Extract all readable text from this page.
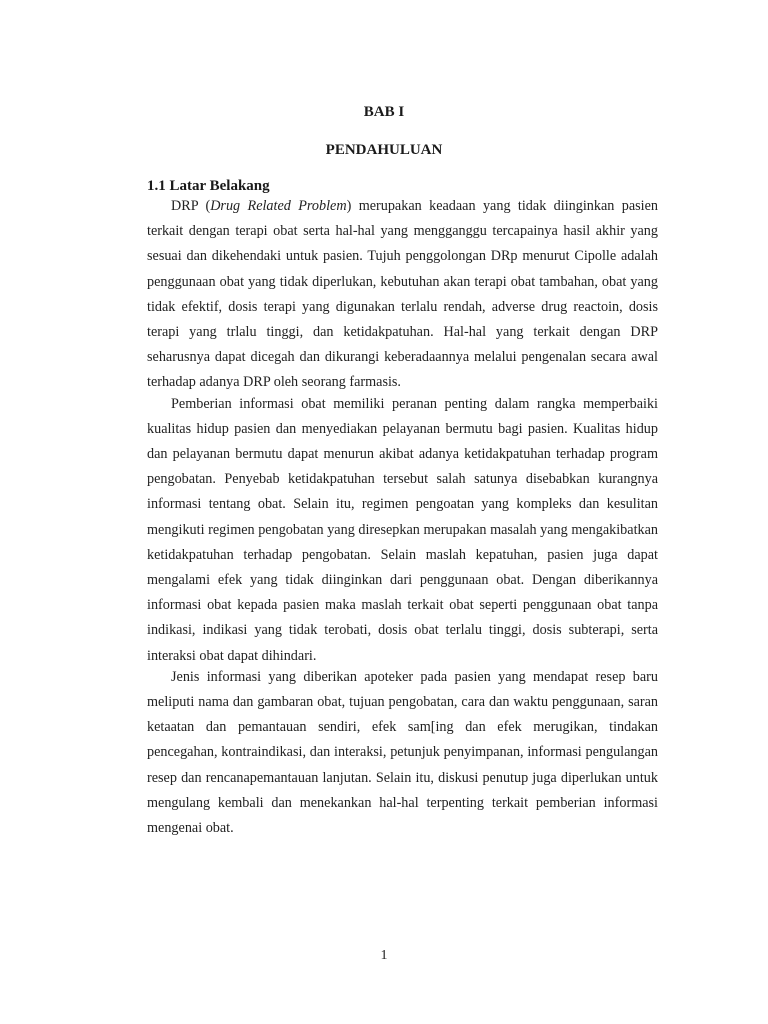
BAB I
PENDAHULUAN
1.1 Latar Belakang

DRP (Drug Related Problem) merupakan keadaan yang tidak diinginkan pasien terkait dengan terapi obat serta hal-hal yang mengganggu tercapainya hasil akhir yang sesuai dan dikehendaki untuk pasien. Tujuh penggolongan DRp menurut Cipolle adalah penggunaan obat yang tidak diperlukan, kebutuhan akan terapi obat tambahan, obat yang tidak efektif, dosis terapi yang digunakan terlalu rendah, adverse drug reactoin, dosis terapi yang trlalu tinggi, dan ketidakpatuhan. Hal-hal yang terkait dengan DRP seharusnya dapat dicegah dan dikurangi keberadaannya melalui pengenalan secara awal terhadap adanya DRP oleh seorang farmasis.

Pemberian informasi obat memiliki peranan penting dalam rangka memperbaiki kualitas hidup pasien dan menyediakan pelayanan bermutu bagi pasien. Kualitas hidup dan pelayanan bermutu dapat menurun akibat adanya ketidakpatuhan terhadap program pengobatan. Penyebab ketidakpatuhan tersebut salah satunya disebabkan kurangnya informasi tentang obat. Selain itu, regimen pengoatan yang kompleks dan kesulitan mengikuti regimen pengobatan yang diresepkan merupakan masalah yang mengakibatkan ketidakpatuhan terhadap pengobatan. Selain maslah kepatuhan, pasien juga dapat mengalami efek yang tidak diinginkan dari penggunaan obat. Dengan diberikannya informasi obat kepada pasien maka maslah terkait obat seperti penggunaan obat tanpa indikasi, indikasi yang tidak terobati, dosis obat terlalu tinggi, dosis subterapi, serta interaksi obat dapat dihindari.

Jenis informasi yang diberikan apoteker pada pasien yang mendapat resep baru meliputi nama dan gambaran obat, tujuan pengobatan, cara dan waktu penggunaan, saran ketaatan dan pemantauan sendiri, efek sam[ing dan efek merugikan, tindakan pencegahan, kontraindikasi, dan interaksi, petunjuk penyimpanan, informasi pengulangan resep dan rencanapemantauan lanjutan. Selain itu, diskusi penutup juga diperlukan untuk mengulang kembali dan menekankan hal-hal terpenting terkait pemberian informasi mengenai obat.

1
